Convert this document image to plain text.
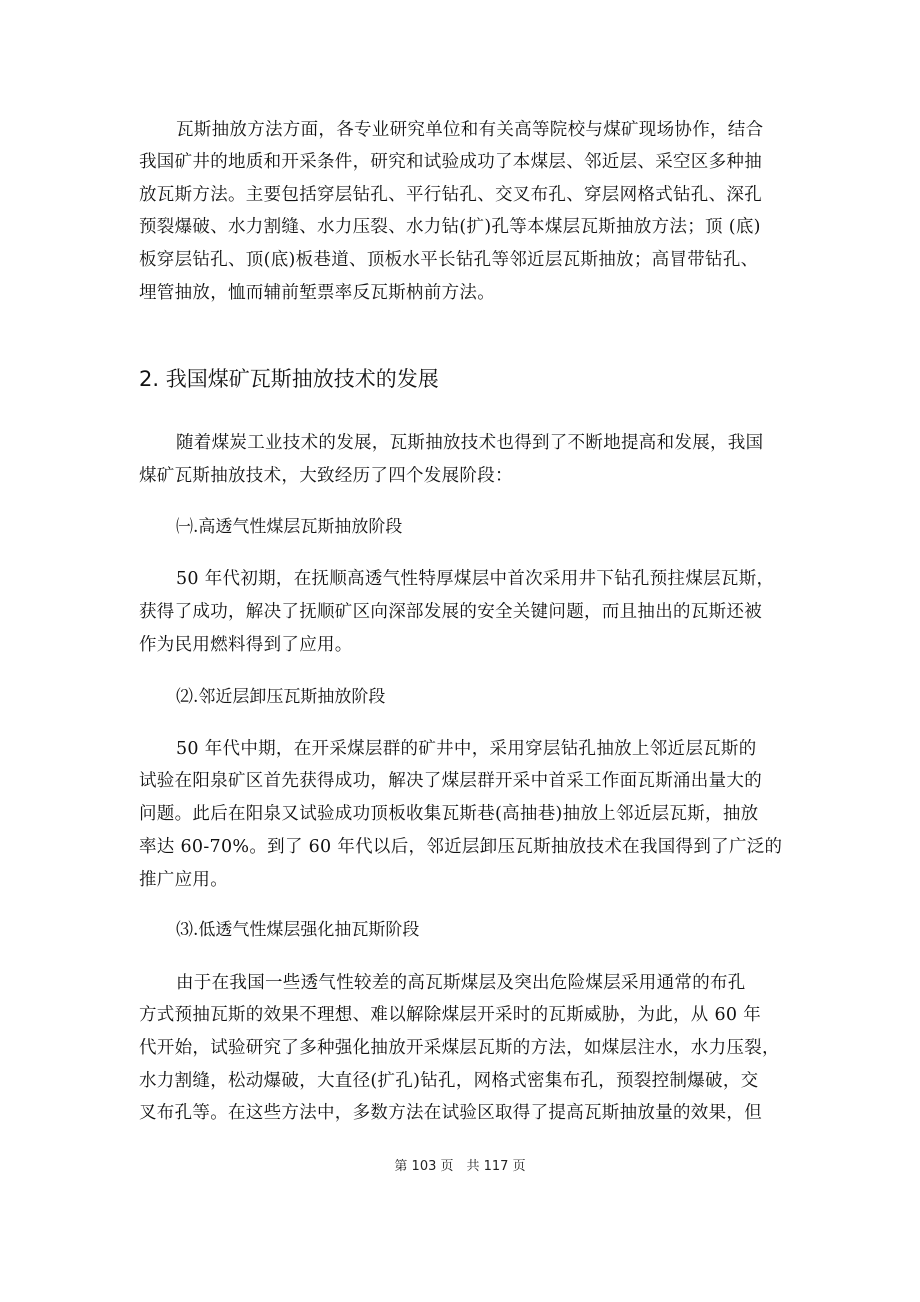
瓦斯抽放方法方面，各专业研究单位和有关高等院校与煤矿现场协作，结合
我国矿井的地质和开采条件，研究和试验成功了本煤层、邻近层、采空区多种抽
放瓦斯方法。主要包括穿层钻孔、平行钻孔、交叉布孔、穿层网格式钻孔、深孔
预裂爆破、水力割缝、水力压裂、水力钻(扩)孔等本煤层瓦斯抽放方法；顶 (底)
板穿层钻孔、顶(底)板巷道、顶板水平长钻孔等邻近层瓦斯抽放；高冒带钻孔、
埋管抽放，恤而辅前堑票率反瓦斯枘前方法。
2. 我国煤矿瓦斯抽放技术的发展
随着煤炭工业技术的发展，瓦斯抽放技术也得到了不断地提高和发展，我国
煤矿瓦斯抽放技术，大致经历了四个发展阶段：
㈠.高透气性煤层瓦斯抽放阶段
50 年代初期，在抚顺高透气性特厚煤层中首次采用井下钻孔预拄煤层瓦斯，
获得了成功，解决了抚顺矿区向深部发展的安全关键问题，而且抽出的瓦斯还被
作为民用燃料得到了应用。
⑵.邻近层卸压瓦斯抽放阶段
50 年代中期，在开采煤层群的矿井中，采用穿层钻孔抽放上邻近层瓦斯的
试验在阳泉矿区首先获得成功，解决了煤层群开采中首采工作面瓦斯涌出量大的
问题。此后在阳泉又试验成功顶板收集瓦斯巷(高抽巷)抽放上邻近层瓦斯，抽放
率达 60-70%。到了 60 年代以后，邻近层卸压瓦斯抽放技术在我国得到了广泛的
推广应用。
⑶.低透气性煤层强化抽瓦斯阶段
由于在我国一些透气性较差的高瓦斯煤层及突出危险煤层采用通常的布孔
方式预抽瓦斯的效果不理想、难以解除煤层开采时的瓦斯威胁，为此，从 60 年
代开始，试验研究了多种强化抽放开采煤层瓦斯的方法，如煤层注水，水力压裂，
水力割缝，松动爆破，大直径(扩孔)钻孔，网格式密集布孔，预裂控制爆破，交
叉布孔等。在这些方法中，多数方法在试验区取得了提高瓦斯抽放量的效果，但
第 103 页　共 117 页
